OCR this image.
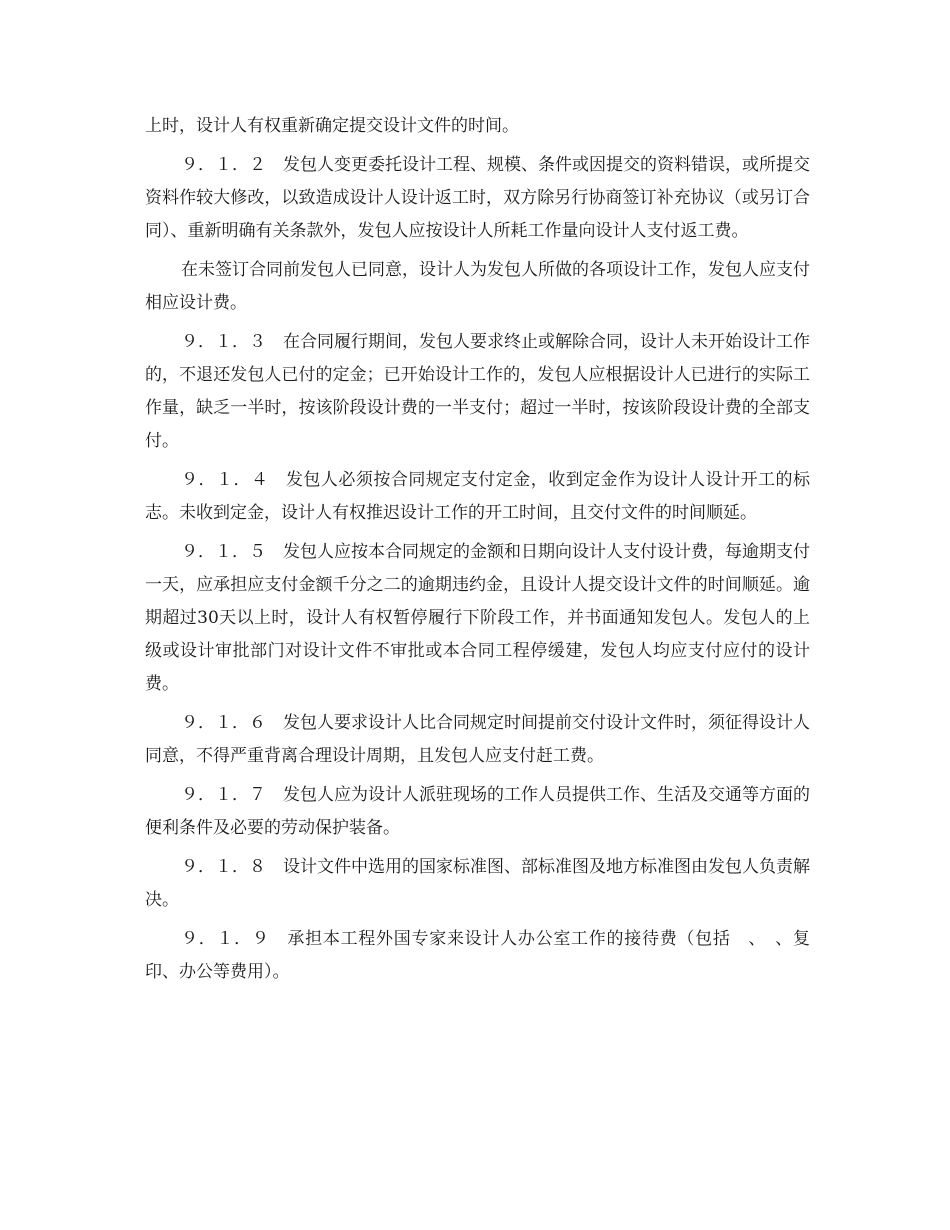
上时，设计人有权重新确定提交设计文件的时间。

９．１．２　 发包人变更委托设计工程、规模、条件或因提交的资料错误，或所提交资料作较大修改，以致造成设计人设计返工时，双方除另行协商签订补充协议（或另订合同）、重新明确有关条款外，发包人应按设计人所耗工作量向设计人支付返工费。

在未签订合同前发包人已同意，设计人为发包人所做的各项设计工作，发包人应支付相应设计费。

９．１．３　 在合同履行期间，发包人要求终止或解除合同，设计人未开始设计工作的，不退还发包人已付的定金；已开始设计工作的，发包人应根据设计人已进行的实际工作量，缺乏一半时，按该阶段设计费的一半支付；超过一半时，按该阶段设计费的全部支付。

９．１．４　 发包人必须按合同规定支付定金，收到定金作为设计人设计开工的标志。未收到定金，设计人有权推迟设计工作的开工时间，且交付文件的时间顺延。

９．１．５　 发包人应按本合同规定的金额和日期向设计人支付设计费，每逾期支付一天，应承担应支付金额千分之二的逾期违约金，且设计人提交设计文件的时间顺延。逾期超过30天以上时，设计人有权暂停履行下阶段工作，并书面通知发包人。发包人的上级或设计审批部门对设计文件不审批或本合同工程停缓建，发包人均应支付应付的设计费。

９．１．６　 发包人要求设计人比合同规定时间提前交付设计文件时，须征得设计人同意，不得严重背离合理设计周期，且发包人应支付赶工费。

９．１．７　 发包人应为设计人派驻现场的工作人员提供工作、生活及交通等方面的便利条件及必要的劳动保护装备。

９．１．８　 设计文件中选用的国家标准图、部标准图及地方标准图由发包人负责解决。

９．１．９　 承担本工程外国专家来设计人办公室工作的接待费（包括　、　、复印、办公等费用）。
